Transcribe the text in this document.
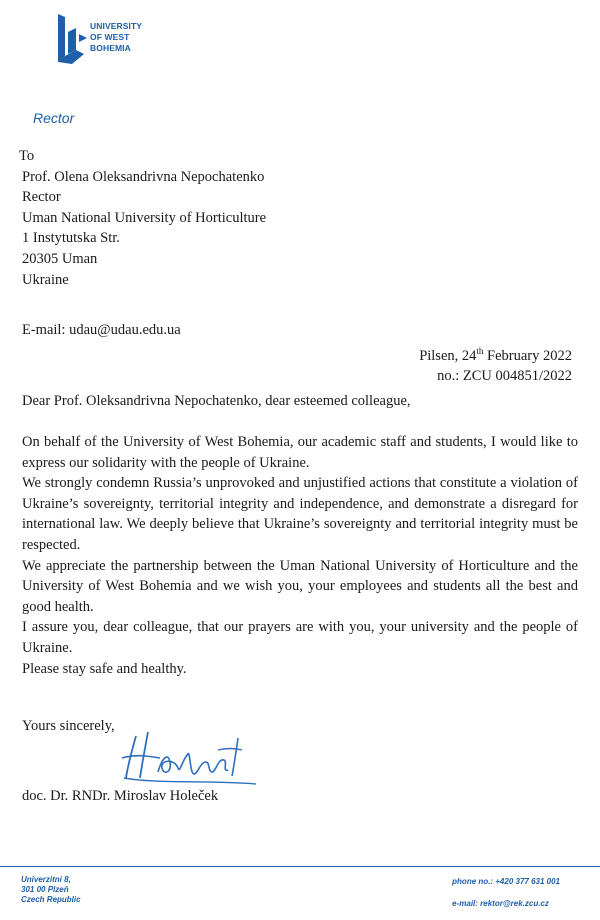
UNIVERSITY
OF WEST
BOHEMIA
Rector
To
Prof. Olena Oleksandrivna Nepochatenko
Rector
Uman National University of Horticulture
1 Instytutska Str.
20305 Uman
Ukraine
E-mail: udau@udau.edu.ua
Pilsen, 24th February 2022
no.: ZCU 004851/2022
Dear Prof. Oleksandrivna Nepochatenko, dear esteemed colleague,

On behalf of the University of West Bohemia, our academic staff and students, I would like to express our solidarity with the people of Ukraine.

We strongly condemn Russia’s unprovoked and unjustified actions that constitute a violation of Ukraine’s sovereignty, territorial integrity and independence, and demonstrate a disregard for international law. We deeply believe that Ukraine’s sovereignty and territorial integrity must be respected.

We appreciate the partnership between the Uman National University of Horticulture and the University of West Bohemia and we wish you, your employees and students all the best and good health.

I assure you, dear colleague, that our prayers are with you, your university and the people of Ukraine.

Please stay safe and healthy.

Yours sincerely,
doc. Dr. RNDr. Miroslav Holeček
Univerzitní 8,
301 00 Plzeň
Czech Republic
phone no.: +420 377 631 001
e-mail: rektor@rek.zcu.cz
